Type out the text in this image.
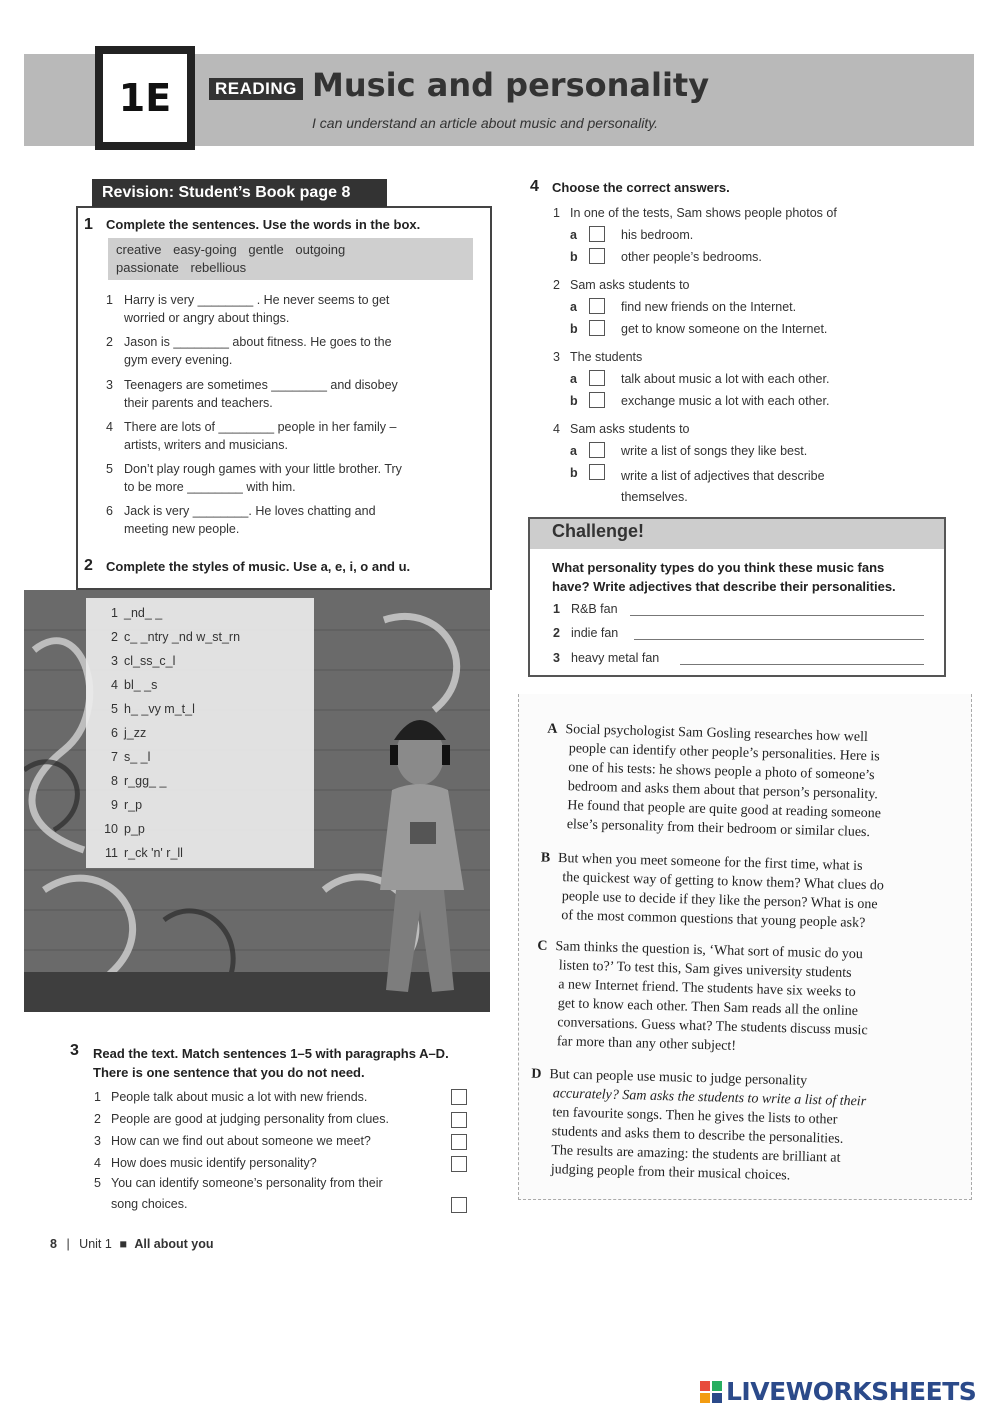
1E	READING Music and personality
I can understand an article about music and personality.
Revision: Student’s Book page 8
1 Complete the sentences. Use the words in the box.
creative easy-going gentle outgoing
passionate rebellious
1 Harry is very ________ . He never seems to get
worried or angry about things.
2 Jason is ________ about fitness. He goes to the
gym every evening.
3 Teenagers are sometimes ________ and disobey
their parents and teachers.
4 There are lots of ________ people in her family –
artists, writers and musicians.
5 Don’t play rough games with your little brother. Try
to be more ________ with him.
6 Jack is very ________. He loves chatting and
meeting new people.
2 Complete the styles of music. Use a, e, i, o and u.
1 _nd_ _
2 c_ _ntry _nd w_st_rn
3 cl_ss_c_l
4 bl_ _s
5 h_ _vy m_t_l
6 j_zz
7 s_ _l
8 r_gg_ _
9 r_p
10 p_p
11 r_ck 'n' r_ll
3 Read the text. Match sentences 1–5 with paragraphs A–D.
There is one sentence that you do not need.
1 People talk about music a lot with new friends.
2 People are good at judging personality from clues.
3 How can we find out about someone we meet?
4 How does music identify personality?
5 You can identify someone’s personality from their
song choices.
4 Choose the correct answers.
1 In one of the tests, Sam shows people photos of
a	his bedroom.
b	other people’s bedrooms.
2 Sam asks students to
a	find new friends on the Internet.
b	get to know someone on the Internet.
3 The students
a	talk about music a lot with each other.
b	exchange music a lot with each other.
4 Sam asks students to
a	write a list of songs they like best.
b	write a list of adjectives that describe
themselves.
Challenge!
What personality types do you think these music fans
have? Write adjectives that describe their personalities.
1 R&B fan
2 indie fan
3 heavy metal fan
A Social psychologist Sam Gosling researches how well
people can identify other people’s personalities. Here is
one of his tests: he shows people a photo of someone’s
bedroom and asks them about that person’s personality.
He found that people are quite good at reading someone
else’s personality from their bedroom or similar clues.
B But when you meet someone for the first time, what is
the quickest way of getting to know them? What clues do
people use to decide if they like the person? What is one
of the most common questions that young people ask?
C Sam thinks the question is, ‘What sort of music do you
listen to?’ To test this, Sam gives university students
a new Internet friend. The students have six weeks to
get to know each other. Then Sam reads all the online
conversations. Guess what? The students discuss music
far more than any other subject!
D But can people use music to judge personality
accurately? Sam asks the students to write a list of their
ten favourite songs. Then he gives the lists to other
students and asks them to describe the personalities.
The results are amazing: the students are brilliant at
judging people from their musical choices.
8 | Unit 1 ■ All about you
LIVEWORKSHEETS
